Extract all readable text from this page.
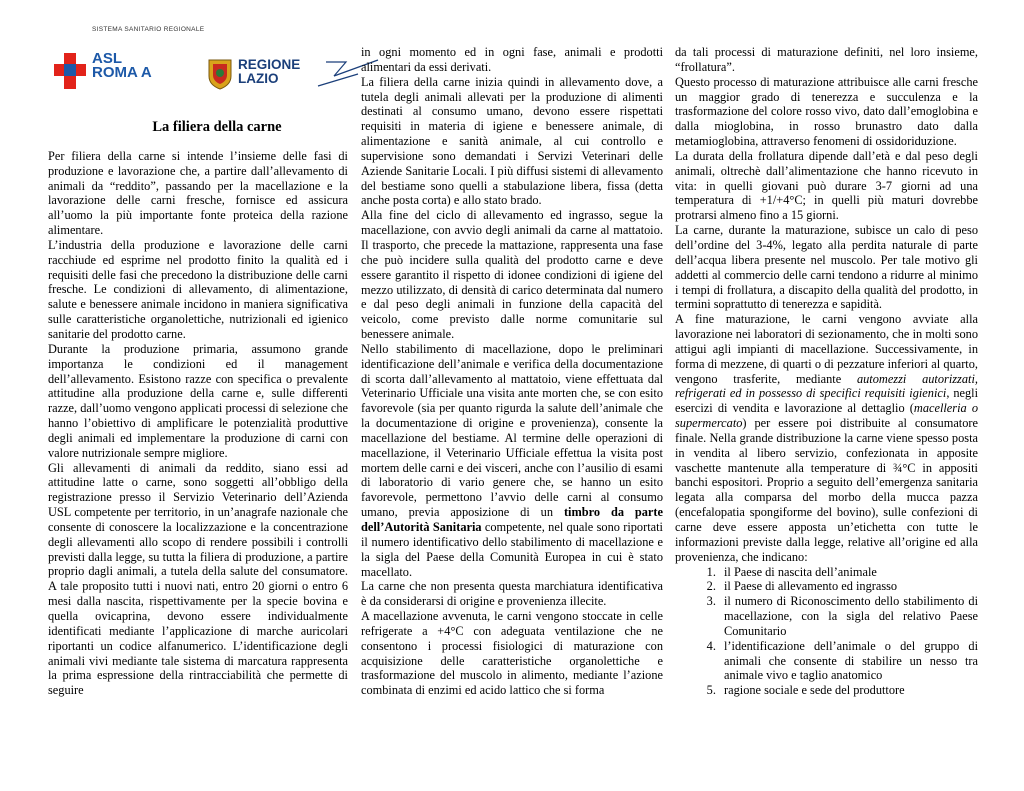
SISTEMA SANITARIO REGIONALE
ASL
ROMA A	REGIONE
LAZIO
La filiera della carne

Per filiera della carne si intende l’insieme delle fasi di produzione e lavorazione che, a partire dall’allevamento di animali da “reddito”, passando per la macellazione e la lavorazione delle carni fresche, fornisce ed assicura all’uomo la più importante fonte proteica della razione alimentare.

L’industria della produzione e lavorazione delle carni racchiude ed esprime nel prodotto finito la qualità ed i requisiti delle fasi che precedono la distribuzione delle carni fresche. Le condizioni di allevamento, di alimentazione, salute e benessere animale incidono in maniera significativa sulle caratteristiche organolettiche, nutrizionali ed igienico sanitarie del prodotto carne.

Durante la produzione primaria, assumono grande importanza le condizioni ed il management dell’allevamento. Esistono razze con specifica o prevalente attitudine alla produzione della carne e, sulle differenti razze, dall’uomo vengono applicati processi di selezione che hanno l’obiettivo di amplificare le potenzialità produttive degli animali ed implementare la produzione di carni con valore nutrizionale sempre migliore.

Gli allevamenti di animali da reddito, siano essi ad attitudine latte o carne, sono soggetti all’obbligo della registrazione presso il Servizio Veterinario dell’Azienda USL competente per territorio, in un’anagrafe nazionale che consente di conoscere la localizzazione e la concentrazione degli allevamenti allo scopo di rendere possibili i controlli previsti dalla legge, su tutta la filiera di produzione, a partire proprio dagli animali, a tutela della salute del consumatore. A tale proposito tutti i nuovi nati, entro 20 giorni o entro 6 mesi dalla nascita, rispettivamente per la specie bovina e quella ovicaprina, devono essere individualmente identificati mediante l’applicazione di marche auricolari riportanti un codice alfanumerico. L’identificazione degli animali vivi mediante tale sistema di marcatura rappresenta la prima espressione della rintracciabilità che permette di seguire

in ogni momento ed in ogni fase, animali e prodotti alimentari da essi derivati.

La filiera della carne inizia quindi in allevamento dove, a tutela degli animali allevati per la produzione di alimenti destinati al consumo umano, devono essere rispettati requisiti in materia di igiene e benessere animale, di alimentazione e sanità animale, al cui controllo e supervisione sono demandati i Servizi Veterinari delle Aziende Sanitarie Locali. I più diffusi sistemi di allevamento del bestiame sono quelli a stabulazione libera, fissa (detta anche posta corta) e allo stato brado.

Alla fine del ciclo di allevamento ed ingrasso, segue la macellazione, con avvio degli animali da carne al mattatoio. Il trasporto, che precede la mattazione, rappresenta una fase che può incidere sulla qualità del prodotto carne e deve essere garantito il rispetto di idonee condizioni di igiene del mezzo utilizzato, di densità di carico determinata dal numero e dal peso degli animali in funzione della capacità del veicolo, come previsto dalle norme comunitarie sul benessere animale.

Nello stabilimento di macellazione, dopo le preliminari identificazione dell’animale e verifica della documentazione di scorta dall’allevamento al mattatoio, viene effettuata dal Veterinario Ufficiale una visita ante morten che, se con esito favorevole (sia per quanto rigurda la salute dell’animale che la documentazione di origine e provenienza), consente la macellazione del bestiame. Al termine delle operazioni di macellazione, il Veterinario Ufficiale effettua la visita post mortem delle carni e dei visceri, anche con l’ausilio di esami di laboratorio di vario genere che, se hanno un esito favorevole, permettono l’avvio delle carni al consumo umano, previa apposizione di un timbro da parte dell’Autorità Sanitaria competente, nel quale sono riportati il numero identificativo dello stabilimento di macellazione e la sigla del Paese della Comunità Europea in cui è stato macellato.

La carne che non presenta questa marchiatura identificativa è da considerarsi di origine e provenienza illecite.

A macellazione avvenuta, le carni vengono stoccate in celle refrigerate a +4°C con adeguata ventilazione che ne consentono i processi fisiologici di maturazione con acquisizione delle caratteristiche organolettiche e trasformazione del muscolo in alimento, mediante l’azione combinata di enzimi ed acido lattico che si forma

da tali processi di maturazione definiti, nel loro insieme, “frollatura”.

Questo processo di maturazione attribuisce alle carni fresche un maggior grado di tenerezza e succulenza e la trasformazione del colore rosso vivo, dato dall’emoglobina e dalla mioglobina, in rosso brunastro dato dalla metamioglobina, attraverso fenomeni di ossidoriduzione.

La durata della frollatura dipende dall’età e dal peso degli animali, oltrechè dall’alimentazione che hanno ricevuto in vita: in quelli giovani può durare 3-7 giorni ad una temperatura di +1/+4°C; in quelli più maturi dovrebbe protrarsi almeno fino a 15 giorni.

La carne, durante la maturazione, subisce un calo di peso dell’ordine del 3-4%, legato alla perdita naturale di parte dell’acqua libera presente nel muscolo. Per tale motivo gli addetti al commercio delle carni tendono a ridurre al minimo i tempi di frollatura, a discapito della qualità del prodotto, in termini soprattutto di tenerezza e sapidità.

A fine maturazione, le carni vengono avviate alla lavorazione nei laboratori di sezionamento, che in molti sono attigui agli impianti di macellazione. Successivamente, in forma di mezzene, di quarti o di pezzature inferiori al quarto, vengono trasferite, mediante automezzi autorizzati, refrigerati ed in possesso di specifici requisiti igienici, negli esercizi di vendita e lavorazione al dettaglio (macelleria o supermercato) per essere poi distribuite al consumatore finale. Nella grande distribuzione la carne viene spesso posta in vendita al libero servizio, confezionata in apposite vaschette mantenute alla temperature di ¾°C in appositi banchi espositori. Proprio a seguito dell’emergenza sanitaria legata alla comparsa del morbo della mucca pazza (encefalopatia spongiforme del bovino), sulle confezioni di carne deve essere apposta un’etichetta con tutte le informazioni previste dalla legge, relative all’origine ed alla provenienza, che indicano:

1. il Paese di nascita dell’animale
2. il Paese di allevamento ed ingrasso
3. il numero di Riconoscimento dello stabilimento di macellazione, con la sigla del relativo Paese Comunitario
4. l’identificazione dell’animale o del gruppo di animali che consente di stabilire un nesso tra animale vivo e taglio anatomico
5. ragione sociale e sede del produttore
